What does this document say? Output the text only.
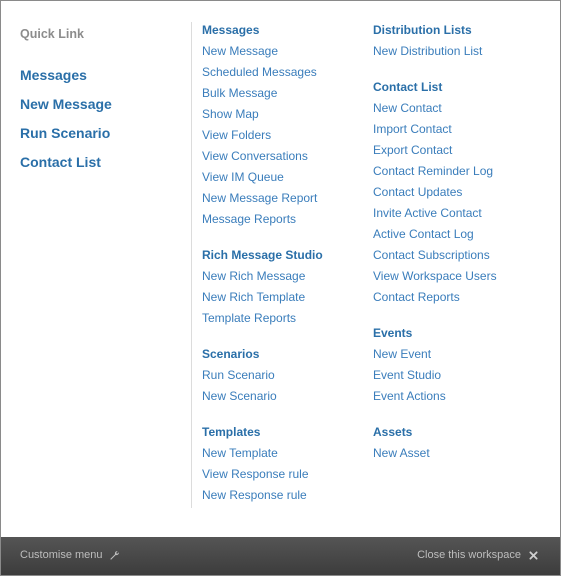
Quick Link
Messages
New Message
Run Scenario
Contact List
Messages
New Message
Scheduled Messages
Bulk Message
Show Map
View Folders
View Conversations
View IM Queue
New Message Report
Message Reports
Rich Message Studio
New Rich Message
New Rich Template
Template Reports
Scenarios
Run Scenario
New Scenario
Templates
New Template
View Response rule
New Response rule
Distribution Lists
New Distribution List
Contact List
New Contact
Import Contact
Export Contact
Contact Reminder Log
Contact Updates
Invite Active Contact
Active Contact Log
Contact Subscriptions
View Workspace Users
Contact Reports
Events
New Event
Event Studio
Event Actions
Assets
New Asset
Customise menu	Close this workspace
